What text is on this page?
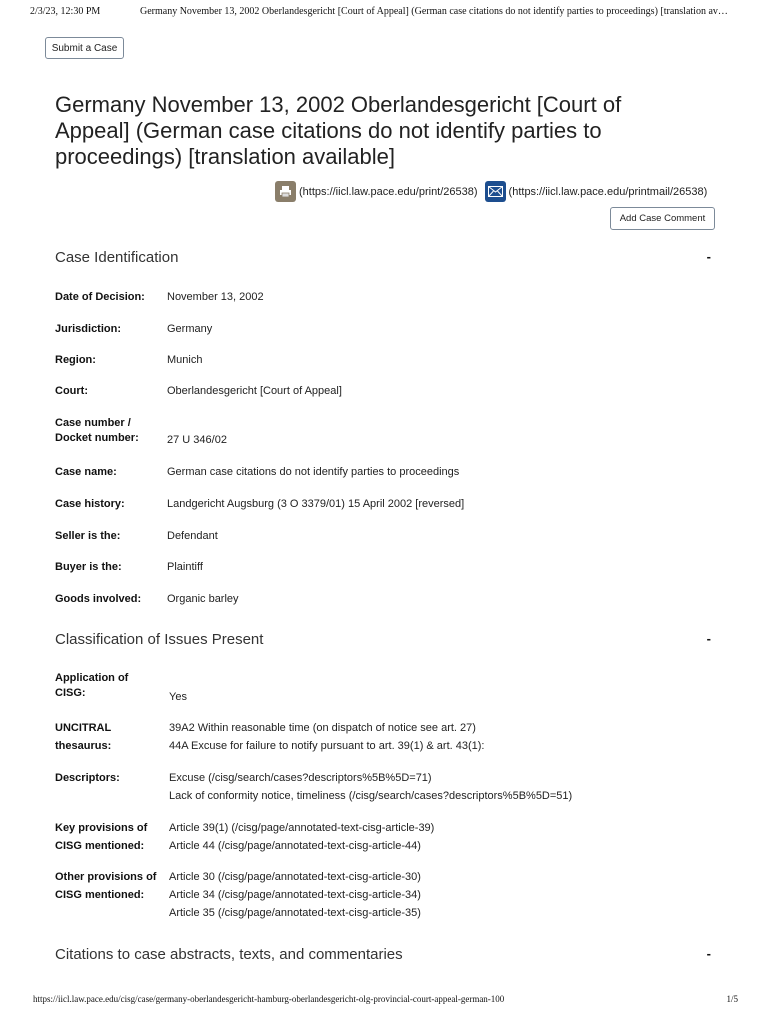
2/3/23, 12:30 PM	Germany November 13, 2002 Oberlandesgericht [Court of Appeal] (German case citations do not identify parties to proceedings) [translation av…
Submit a Case
Germany November 13, 2002 Oberlandesgericht [Court of Appeal] (German case citations do not identify parties to proceedings) [translation available]
(https://iicl.law.pace.edu/print/26538)	(https://iicl.law.pace.edu/printmail/26538)
Add Case Comment
Case Identification	-
Date of Decision:	November 13, 2002
Jurisdiction:	Germany
Region:	Munich
Court:	Oberlandesgericht [Court of Appeal]
Case number /
Docket number:	27 U 346/02
Case name:	German case citations do not identify parties to proceedings
Case history:	Landgericht Augsburg (3 O 3379/01) 15 April 2002 [reversed]
Seller is the:	Defendant
Buyer is the:	Plaintiff
Goods involved:	Organic barley
Classification of Issues Present	-
Application of
CISG:	Yes
UNCITRAL
thesaurus:
39A2 Within reasonable time (on dispatch of notice see art. 27)
44A Excuse for failure to notify pursuant to art. 39(1) & art. 43(1):
Descriptors:	Excuse (/cisg/search/cases?descriptors%5B%5D=71)
Lack of conformity notice, timeliness (/cisg/search/cases?descriptors%5B%5D=51)
Key provisions of
CISG mentioned:
Article 39(1) (/cisg/page/annotated-text-cisg-article-39)
Article 44 (/cisg/page/annotated-text-cisg-article-44)
Other provisions of
CISG mentioned:
Article 30 (/cisg/page/annotated-text-cisg-article-30)
Article 34 (/cisg/page/annotated-text-cisg-article-34)
Article 35 (/cisg/page/annotated-text-cisg-article-35)
Citations to case abstracts, texts, and commentaries	-
https://iicl.law.pace.edu/cisg/case/germany-oberlandesgericht-hamburg-oberlandesgericht-olg-provincial-court-appeal-german-100	1/5
